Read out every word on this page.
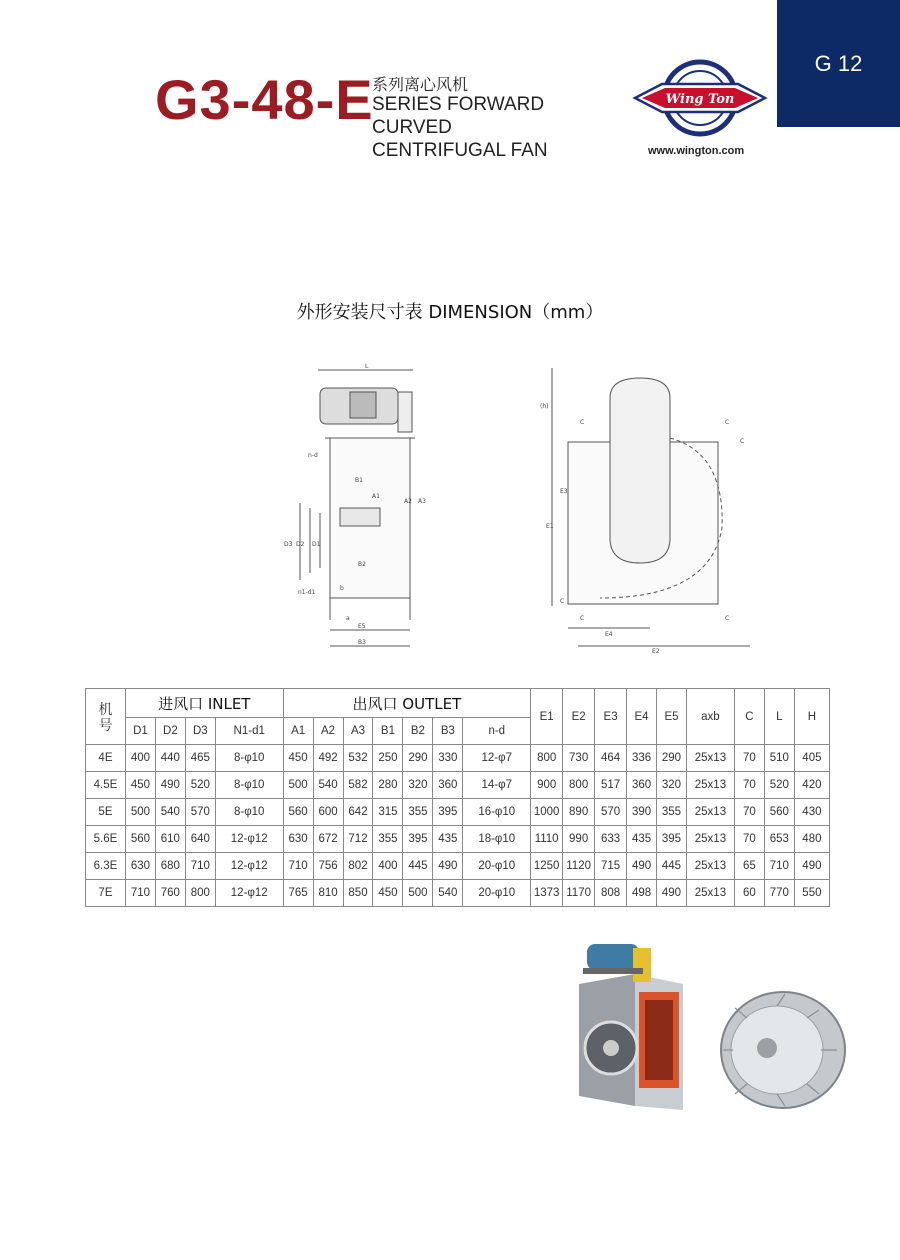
G 12
G3-48-E
系列离心风机
SERIES FORWARD CURVED
CENTRIFUGAL FAN
Wing Ton
www.wington.com
外形安装尺寸表 DIMENSION（mm）
L
n-d
B1
A1
A2 A3
D3 D2 D1
B2
b
n1-d1
a
E5
B3
(h)
C	C
C
C
E3
E1
E4
E2
C	C
机
号	进风口 INLET				出风口 OUTLET							E1	E2	E3	E4	E5	axb	C	L	H
	D1	D2	D3	N1-d1	A1	A2	A3	B1	B2	B3	n-d									
4E	400	440	465	8-φ10	450	492	532	250	290	330	12-φ7	800	730	464	336	290	25x13	70	510	405
4.5E	450	490	520	8-φ10	500	540	582	280	320	360	14-φ7	900	800	517	360	320	25x13	70	520	420
5E	500	540	570	8-φ10	560	600	642	315	355	395	16-φ10	1000	890	570	390	355	25x13	70	560	430
5.6E	560	610	640	12-φ12	630	672	712	355	395	435	18-φ10	1110	990	633	435	395	25x13	70	653	480
6.3E	630	680	710	12-φ12	710	756	802	400	445	490	20-φ10	1250	1120	715	490	445	25x13	65	710	490
7E	710	760	800	12-φ12	765	810	850	450	500	540	20-φ10	1373	1170	808	498	490	25x13	60	770	550
